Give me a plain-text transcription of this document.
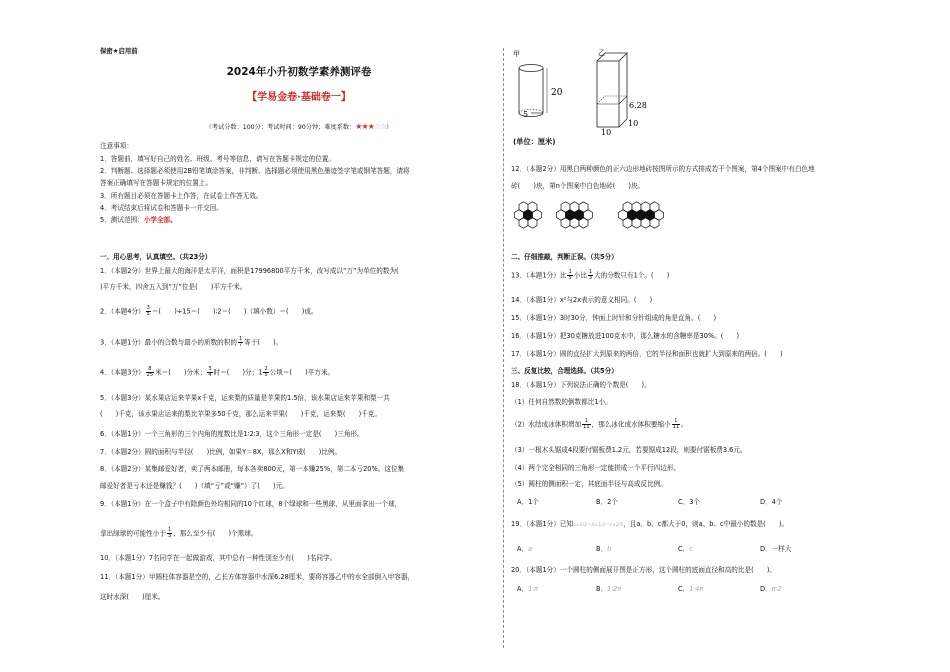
保密★启用前
2024年小升初数学素养测评卷
【学易金卷·基础卷一】
（考试分数：100分；考试时间：90分钟；难度系数：★★★☆☆）
注意事项：
1．答题前，填写好自己的姓名、班级、考号等信息，请写在答题卡规定的位置。
2．判断题、选择题必须使用2B铅笔填涂答案，非判断、选择题必须使用黑色墨迹签字笔或钢笔答题，请将
答案正确填写在答题卡规定的位置上。
3．所有题目必须在答题卡上作答，在试卷上作答无效。
4．考试结束后将试卷和答题卡一并交回。
5．测试范围：小学全部。
一、用心思考，认真填空。（共23分）
1．（本题2分）世界上最大的海洋是太平洋，面积是17996800平方千米，改写成以“万”为单位的数为(
)平方千米，四舍五入到“万”位是(　　)平方千米。
2．（本题4分） $\frac{3}{5}$ ＝(　　)÷15＝(　　)∶2＝(　　)（填小数）＝(　　)成。
3．（本题1分）最小的合数与最小的质数的积的 $\frac{1}{7}$ 等于(　　)。
4．（本题3分） $\frac{8}{25}$ 米＝(　　)分米； $\frac{3}{4}$ 时＝(　　)分；$1 \frac{2}{5}$ 公顷＝(　　)平方米。
5．（本题3分）某水果店运来苹果x千克，运来梨的质量是苹果的1.5倍，该水果店运来苹果和梨一共
(　　)千克，该水果店运来的梨比苹果多50千克，那么运来苹果(　　)千克，运来梨(　　)千克。
6．（本题1分）一个三角形的三个内角的度数比是1∶2∶3，这个三角形一定是(　　)三角形。
7．（本题2分）圆的面积与半径(　　)比例，如果Y＝8X，那么X和Y成(　　)比例。
8．（本题2分）某集邮爱好者，卖了两本邮册，每本各卖800元，第一本赚25%，第二本亏20%。这位集
邮爱好者是亏本还是赚钱？(　　)（填“亏”或“赚”）了(　　)元。
9．（本题1分）在一个盒子中有除颜色外均相同的10个红球，8个绿球和一些黑球，从里面拿出一个球，
拿出绿球的可能性小于 $\frac{1}{3}$ ，那么至少有(　　)个黑球。
10．（本题1分）7名同学在一起做游戏，其中总有一种性别至少有(　　)名同学。
11．（本题1分）甲圆柱体容器是空的，乙长方体容器中水深6.28厘米，要将容器乙中的水全部倒入甲容器，
这时水深(　　)厘米。
甲
20
5
乙
6.28
10
10
(单位：厘米)
12．（本题2分）用黑白两种颜色的正六边形地砖按图所示的方式排成若干个图案，第4个图案中有白色地
砖(　　)块，第n个图案中白色地砖(　　)块。
二、仔细推敲，判断正误。（共5分）
13．（本题1分）比 $\frac{1}{5}$ 小比 $\frac{1}{3}$ 大的分数只有1个。(　　)
14．（本题1分）x²与2x表示的意义相同。(　　)
15．（本题1分）3时30分，钟面上时针和分针组成的角是直角。(　　)
16．（本题1分）把30克糖放进100克水中，那么糖水的含糖率是30%。(　　)
17．（本题1分）圆的直径扩大到原来的两倍，它的半径和面积也就扩大到原来的两倍。(　　)
三、反复比较，合理选择。（共5分）
18．（本题1分）下列说法正确的个数是(　　)。
（1）任何自然数的倒数都比1小。
（2）水结成冰体积增加 $\frac{1}{11}$ ，那么冰化成水体积要缩小 $\frac{1}{11}$ 。
（3）一根木头锯成4段要付锯板费1.2元，若要锯成12段，则要付锯板费3.6元。
（4）两个完全相同的三角形一定能拼成一个平行四边形。
（5）圆柱的侧面积一定，其底面半径与高成反比例。
A．1个	B．2个	C．3个	D．4个
19．（本题1分）已知a×2/3＝b×1/3＝c×2/5，且a、b、c都大于0，则a、b、c中最小的数是(　　)。
A．a	B．b	C．c	D．一样大
20．（本题1分）一个圆柱的侧面展开图是正方形，这个圆柱的底面直径和高的比是(　　)。
A．1∶π	B．1∶2π	C．1∶4π	D．π∶2
